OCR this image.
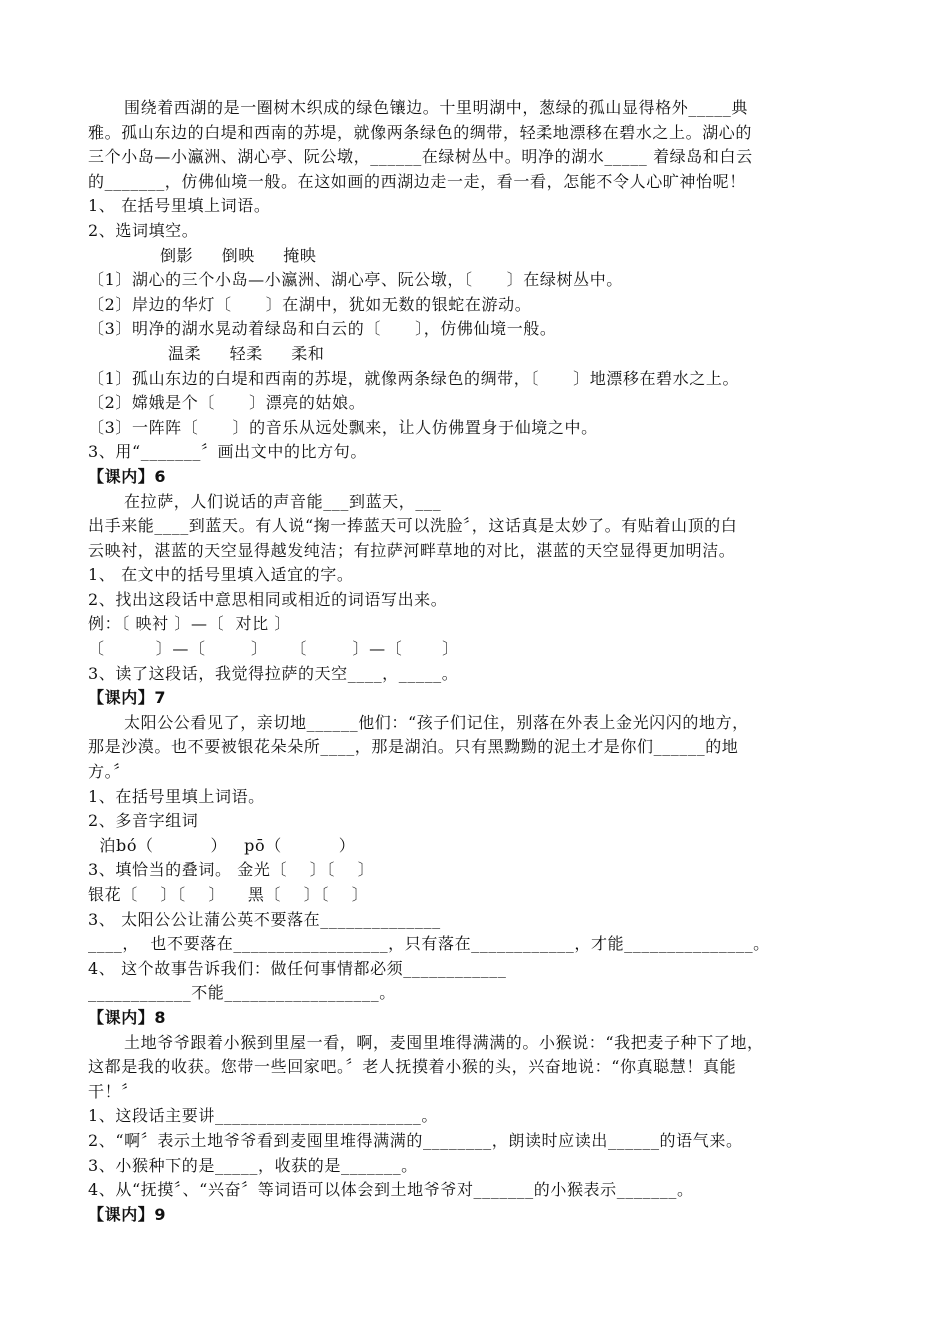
围绕着西湖的是一圈树木织成的绿色镶边。十里明湖中，葱绿的孤山显得格外_____典
雅。孤山东边的白堤和西南的苏堤，就像两条绿色的绸带，轻柔地漂移在碧水之上。湖心的
三个小岛—小瀛洲、湖心亭、阮公墩，______在绿树丛中。明净的湖水_____ 着绿岛和白云
的_______，仿佛仙境一般。在这如画的西湖边走一走，看一看，怎能不令人心旷神怡呢！
1、 在括号里填上词语。
2、选词填空。
倒影     倒映     掩映
〔1〕湖心的三个小岛—小瀛洲、湖心亭、阮公墩，〔      〕在绿树丛中。
〔2〕岸边的华灯〔      〕在湖中，犹如无数的银蛇在游动。
〔3〕明净的湖水晃动着绿岛和白云的〔      〕，仿佛仙境一般。
温柔     轻柔     柔和
〔1〕孤山东边的白堤和西南的苏堤，就像两条绿色的绸带，〔      〕地漂移在碧水之上。
〔2〕嫦娥是个〔      〕漂亮的姑娘。
〔3〕一阵阵〔      〕的音乐从远处飘来，让人仿佛置身于仙境之中。
3、用“_______〞画出文中的比方句。
【课内】6
在拉萨，人们说话的声音能___到蓝天，___
出手来能____到蓝天。有人说“掬一捧蓝天可以洗脸〞，这话真是太妙了。有贴着山顶的白
云映衬，湛蓝的天空显得越发纯洁；有拉萨河畔草地的对比，湛蓝的天空显得更加明洁。
1、 在文中的括号里填入适宜的字。
2、找出这段话中意思相同或相近的词语写出来。
例：〔 映衬 〕—〔  对比 〕
〔         〕—〔        〕    〔        〕—〔       〕
3、读了这段话，我觉得拉萨的天空____，_____。
【课内】7
太阳公公看见了，亲切地______他们：“孩子们记住，别落在外表上金光闪闪的地方，
那是沙漠。也不要被银花朵朵所____，那是湖泊。只有黑黝黝的泥土才是你们______的地
方。〞
1、在括号里填上词语。
2、多音字组词
泊bó（          ）   pō（          ）
3、填恰当的叠词。 金光〔    〕〔    〕
银花〔    〕〔    〕    黑〔    〕〔    〕
3、 太阳公公让蒲公英不要落在______________
____，  也不要落在__________________，只有落在____________，才能_______________。
4、 这个故事告诉我们：做任何事情都必须____________
____________不能__________________。
【课内】8
土地爷爷跟着小猴到里屋一看，啊，麦囤里堆得满满的。小猴说：“我把麦子种下了地，
这都是我的收获。您带一些回家吧。〞老人抚摸着小猴的头，兴奋地说：“你真聪慧！真能
干！〞
1、这段话主要讲________________________。
2、“啊〞表示土地爷爷看到麦囤里堆得满满的________，朗读时应读出______的语气来。
3、小猴种下的是_____，收获的是_______。
4、从“抚摸〞、“兴奋〞等词语可以体会到土地爷爷对_______的小猴表示_______。
【课内】9
